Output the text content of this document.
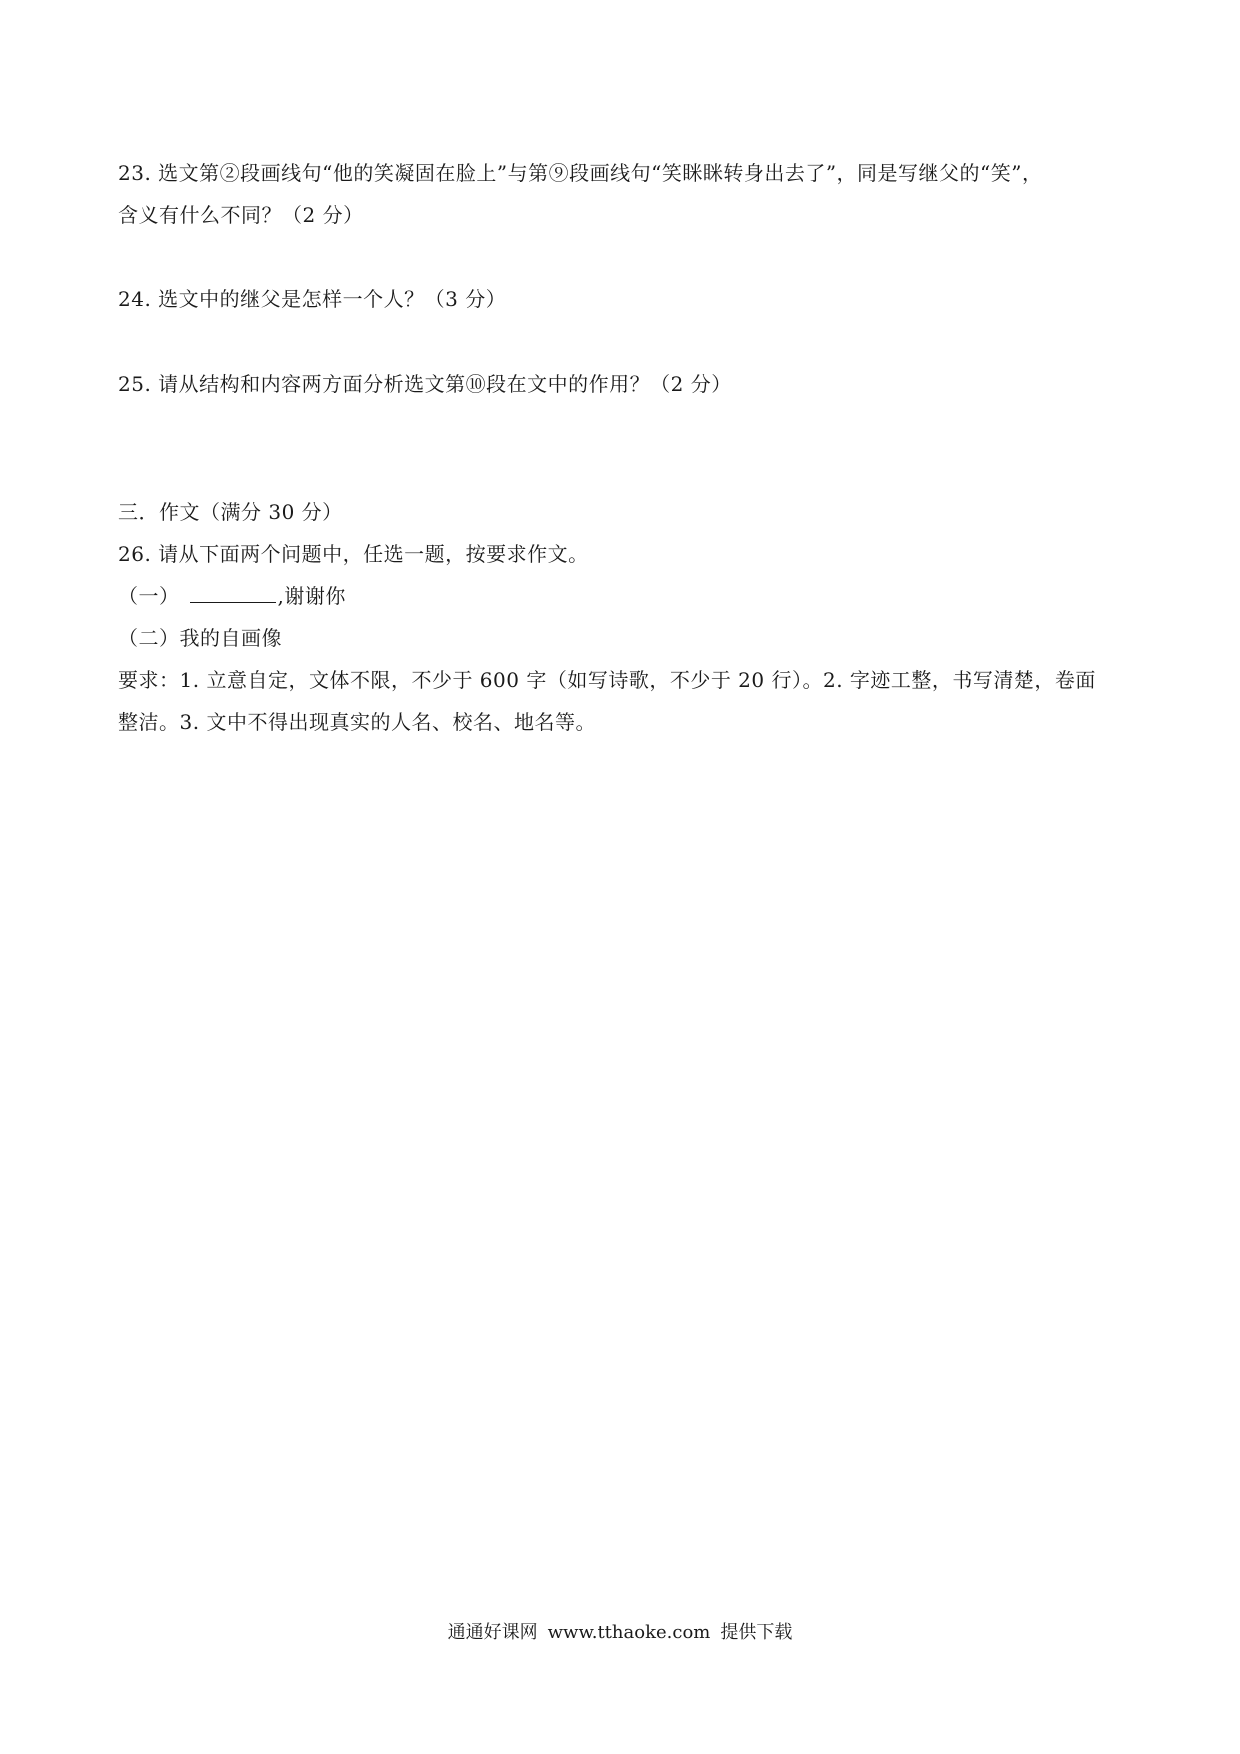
23. 选文第②段画线句“他的笑凝固在脸上”与第⑨段画线句“笑眯眯转身出去了”，同是写继父的“笑”，
含义有什么不同？（2 分）
24. 选文中的继父是怎样一个人？（3 分）
25. 请从结构和内容两方面分析选文第⑩段在文中的作用？（2 分）
三．作文（满分 30 分）
26. 请从下面两个问题中，任选一题，按要求作文。
（一）	,谢谢你
（二）我的自画像
要求：1. 立意自定，文体不限，不少于 600 字（如写诗歌，不少于 20 行）。2. 字迹工整，书写清楚，卷面
整洁。3. 文中不得出现真实的人名、校名、地名等。
通通好课网 www.tthaoke.com 提供下载
